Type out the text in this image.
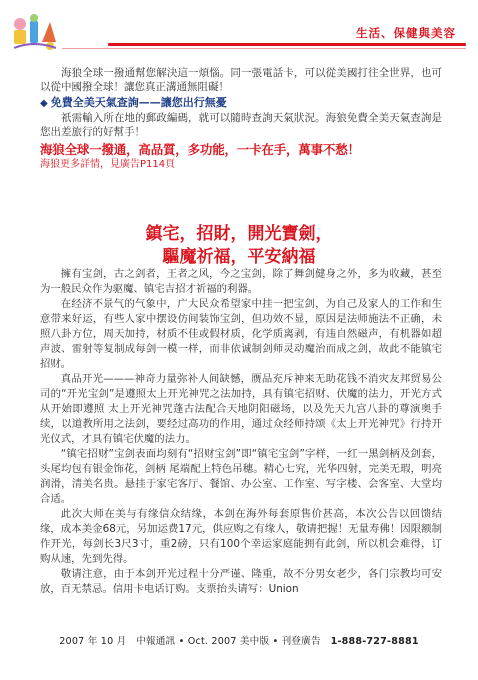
生活、保健與美容

海狼全球一撥通幫您解決這一煩惱。同一張電話卡，可以從美國打往全世界，也可以從中國撥全球！讓您真正溝通無阻礙！

◆ 免費全美天氣查詢——讓您出行無憂

祇需輸入所在地的郵政編碼，就可以隨時查詢天氣狀況。海狼免費全美天氣查詢是您出差旅行的好幫手！

海狼全球一撥通，高品質，多功能，一卡在手，萬事不愁！
海狼更多詳情，見廣告P114頁
鎮宅，招財，開光寶劍，
驅魔祈福，平安納福

擁有宝剑，古之剑者，王者之风，今之宝剑，除了舞剑健身之外，多为收藏，甚至为一般民众作为驱魔、镇宅吉招才祈福的利器。

在经济不景气的气象中，广大民众希望家中挂一把宝剑，为自己及家人的工作和生意带来好运，有些人家中摆设仿间装饰宝剑，但功效不显，原因是法师施法不正确，未照八卦方位，周天加持，材质不佳或假材质，化学质离剥，有违自然磁声，有机器如超声波、雷射等复制成每剑一模一样，而非依诚制剑师灵动魔治而成之剑，故此不能镇宅招财。

真品开光———神奇力量弥补人间缺憾，赝品充斥神来无助花钱不消灾友邦贸易公司的“开光宝剑”是遵照太上开光神咒之法加持，具有镇宅招财、伏魔的法力，开光方式从开始即遵照 太上开光神咒蓬古法配合天地阴阳磁场，以及先天九宫八卦的尊演奥手续，以道教所用之法剑，要经过高功的作用，通过众经师持颂《太上开光神咒》行持开光仪式，才具有镇宅伏魔的法力。

“镇宅招财”宝剑表面均刻有“招财宝剑”即“镇宅宝剑”字样，一红一黑剑柄及剑套，头尾均包有银金饰花，剑柄 尾端配上特色吊穗。精心七究，光华四射，完美无瑕，明亮润滑，清美名贵。悬挂于家宅客厅、餐馆、办公室、工作室、写字楼、会客室、大堂均合适。

此次大师在美与有缘信众结缘，本剑在海外每套原售价甚高，本次公告以回馈结缘，成本美金68元，另加运费17元，供应购之有缘人，敬请把握！无量寿佛！因限额制作开光，每剑长3尺3寸，重2磅，只有100个幸运家庭能拥有此剑，所以机会难得，订购从速，先到先得。

敬请注意，由于本剑开光过程十分严谨、隆重，故不分男女老少，各门宗教均可安放，百无禁忌。信用卡电话订购。支票抬头请写：Union

2007 年 10 月 中報通訊 • Oct. 2007 美中版 • 刊登廣告 1-888-727-8881
